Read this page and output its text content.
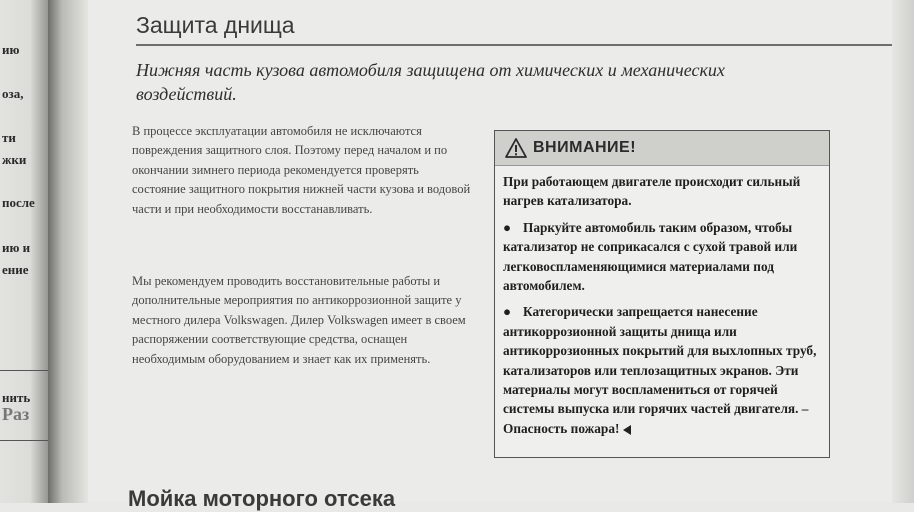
ию
оза,
ти
жки
после
ию и
ение
нить
Раз
Защита днища

Нижняя часть кузова автомобиля защищена от химических и механических воздействий.

В процессе эксплуатации автомобиля не исключаются повреждения защитного слоя. Поэтому перед началом и по окончании зимнего периода рекомендуется проверять состояние защитного покрытия нижней части кузова и водовой части и при необходимости восстанавливать.

Мы рекомендуем проводить восстановительные работы и дополнительные мероприятия по антикоррозионной защите у местного дилера Volkswagen. Дилер Volkswagen имеет в своем распоряжении соответствующие средства, оснащен необходимым оборудованием и знает как их применять.

ВНИМАНИЕ!

При работающем двигателе происходит сильный нагрев катализатора.

● Паркуйте автомобиль таким образом, чтобы катализатор не соприкасался с сухой травой или легковоспламеняющимися материалами под автомобилем.

● Категорически запрещается нанесение антикоррозионной защиты днища или антикоррозионных покрытий для выхлопных труб, катализаторов или теплозащитных экранов. Эти материалы могут воспламениться от горячей системы выпуска или горячих частей двигателя. – Опасность пожара!

Мойка моторного отсека
